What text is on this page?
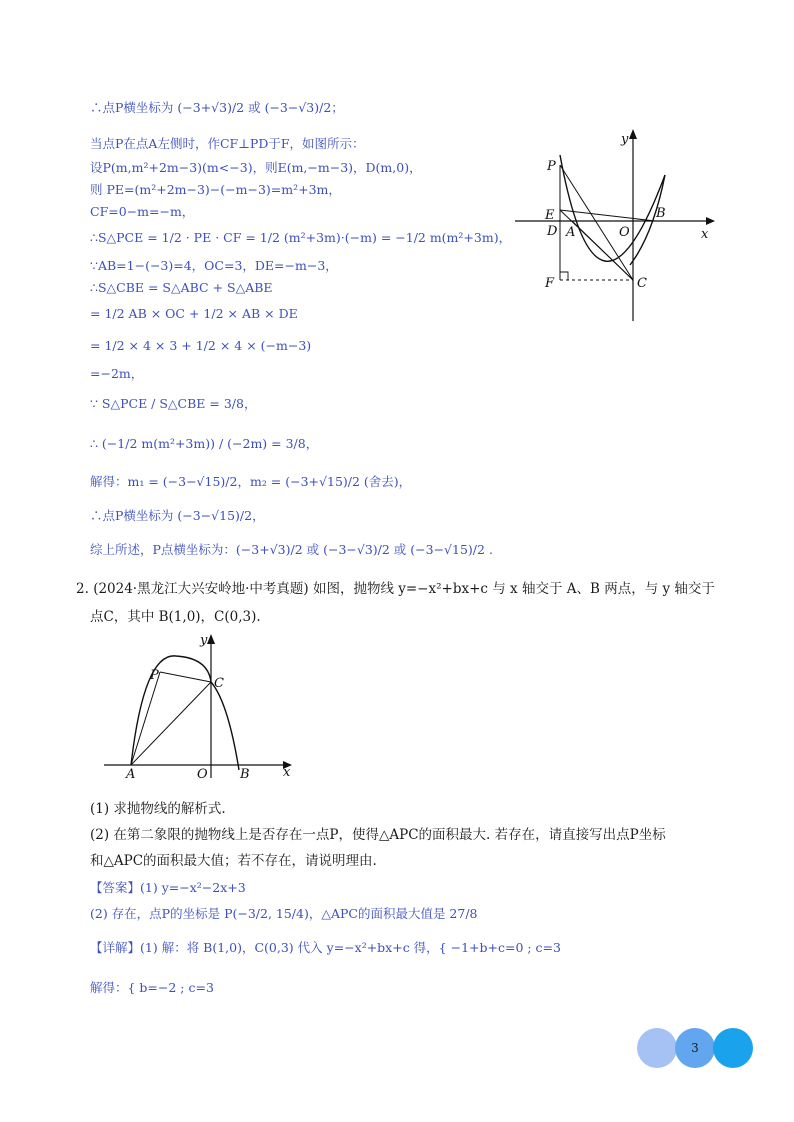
∴点P横坐标为 (−3+√3)/2 或 (−3−√3)/2；
当点P在点A左侧时，作CF⊥PD于F，如图所示：
设P(m,m²+2m−3)(m<−3)，则E(m,−m−3)，D(m,0)，
则 PE=(m²+2m−3)−(−m−3)=m²+3m，
CF=0−m=−m，
∴S△PCE = 1/2 · PE · CF = 1/2 (m²+3m)·(−m) = −1/2 m(m²+3m)，
∵AB=1−(−3)=4，OC=3，DE=−m−3，
∴S△CBE = S△ABC + S△ABE
= 1/2 AB × OC + 1/2 × AB × DE
= 1/2 × 4 × 3 + 1/2 × 4 × (−m−3)
=−2m，
∵ S△PCE / S△CBE = 3/8，
∴ (−1/2 m(m²+3m)) / (−2m) = 3/8，
解得：m₁ = (−3−√15)/2，m₂ = (−3+√15)/2 (舍去)，
∴点P横坐标为 (−3−√15)/2，
综上所述，P点横坐标为：(−3+√3)/2 或 (−3−√3)/2 或 (−3−√15)/2 .
y
x
P
E
D A	O
B
F	C
2. (2024·黑龙江大兴安岭地·中考真题) 如图，抛物线 y=−x²+bx+c 与 x 轴交于 A、B 两点，与 y 轴交于
点C，其中 B(1,0)，C(0,3).
y
x
P
C
A	O B
(1) 求抛物线的解析式.
(2) 在第二象限的抛物线上是否存在一点P，使得△APC的面积最大. 若存在，请直接写出点P坐标
和△APC的面积最大值；若不存在，请说明理由.
【答案】(1) y=−x²−2x+3
(2) 存在，点P的坐标是 P(−3/2, 15/4)，△APC的面积最大值是 27/8
【详解】(1) 解：将 B(1,0)，C(0,3) 代入 y=−x²+bx+c 得，{ −1+b+c=0 ; c=3
解得：{ b=−2 ; c=3
3
